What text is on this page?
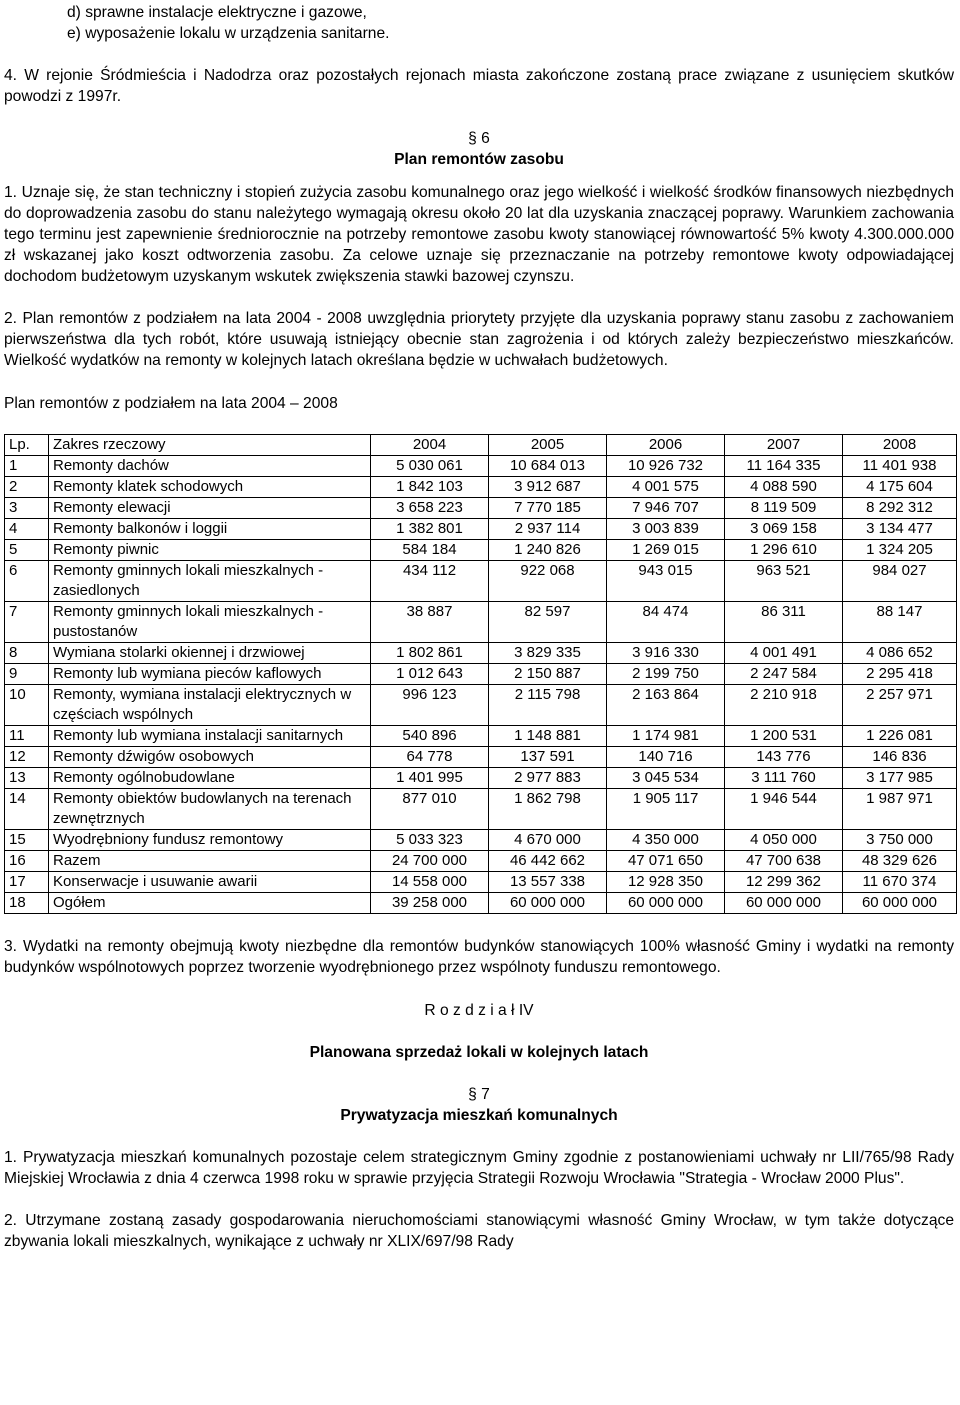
d) sprawne instalacje elektryczne i gazowe,

e) wyposażenie lokalu w urządzenia sanitarne.

4. W rejonie Śródmieścia i Nadodrza oraz pozostałych rejonach miasta zakończone zostaną prace związane z usunięciem skutków powodzi z 1997r.

§ 6

Plan remontów zasobu

1. Uznaje się, że stan techniczny i stopień zużycia zasobu komunalnego oraz jego wielkość i wielkość środków finansowych niezbędnych do doprowadzenia zasobu do stanu należytego wymagają okresu około 20 lat dla uzyskania znaczącej poprawy. Warunkiem zachowania tego terminu jest zapewnienie średniorocznie na potrzeby remontowe zasobu kwoty stanowiącej równowartość 5% kwoty 4.300.000.000 zł wskazanej jako koszt odtworzenia zasobu. Za celowe uznaje się przeznaczanie na potrzeby remontowe kwoty odpowiadającej dochodom budżetowym uzyskanym wskutek zwiększenia stawki bazowej czynszu.

2. Plan remontów z podziałem na lata 2004 - 2008 uwzględnia priorytety przyjęte dla uzyskania poprawy stanu zasobu z zachowaniem pierwszeństwa dla tych robót, które usuwają istniejący obecnie stan zagrożenia i od których zależy bezpieczeństwo mieszkańców. Wielkość wydatków na remonty w kolejnych latach określana będzie w uchwałach budżetowych.

Plan remontów z podziałem na lata 2004 – 2008

Lp.	Zakres rzeczowy	2004	2005	2006	2007	2008
1	Remonty dachów	5 030 061	10 684 013	10 926 732	11 164 335	11 401 938
2	Remonty klatek schodowych	1 842 103	3 912 687	4 001 575	4 088 590	4 175 604
3	Remonty elewacji	3 658 223	7 770 185	7 946 707	8 119 509	8 292 312
4	Remonty balkonów i loggii	1 382 801	2 937 114	3 003 839	3 069 158	3 134 477
5	Remonty piwnic	584 184	1 240 826	1 269 015	1 296 610	1 324 205
6	Remonty gminnych lokali mieszkalnych - zasiedlonych	434 112	922 068	943 015	963 521	984 027
7	Remonty gminnych lokali mieszkalnych - pustostanów	38 887	82 597	84 474	86 311	88 147
8	Wymiana stolarki okiennej i drzwiowej	1 802 861	3 829 335	3 916 330	4 001 491	4 086 652
9	Remonty lub wymiana pieców kaflowych	1 012 643	2 150 887	2 199 750	2 247 584	2 295 418
10	Remonty, wymiana instalacji elektrycznych w częściach wspólnych	996 123	2 115 798	2 163 864	2 210 918	2 257 971
11	Remonty lub wymiana instalacji sanitarnych	540 896	1 148 881	1 174 981	1 200 531	1 226 081
12	Remonty dźwigów osobowych	64 778	137 591	140 716	143 776	146 836
13	Remonty ogólnobudowlane	1 401 995	2 977 883	3 045 534	3 111 760	3 177 985
14	Remonty obiektów budowlanych na terenach zewnętrznych	877 010	1 862 798	1 905 117	1 946 544	1 987 971
15	Wyodrębniony fundusz remontowy	5 033 323	4 670 000	4 350 000	4 050 000	3 750 000
16	Razem	24 700 000	46 442 662	47 071 650	47 700 638	48 329 626
17	Konserwacje i usuwanie awarii	14 558 000	13 557 338	12 928 350	12 299 362	11 670 374
18	Ogółem	39 258 000	60 000 000	60 000 000	60 000 000	60 000 000

3. Wydatki na remonty obejmują kwoty niezbędne dla remontów budynków stanowiących 100% własność Gminy i wydatki na remonty budynków wspólnotowych poprzez tworzenie wyodrębnionego przez wspólnoty funduszu remontowego.

R o z d z i a ł IV

Planowana sprzedaż lokali w kolejnych latach

§ 7

Prywatyzacja mieszkań komunalnych

1. Prywatyzacja mieszkań komunalnych pozostaje celem strategicznym Gminy zgodnie z postanowieniami uchwały nr LII/765/98 Rady Miejskiej Wrocławia z dnia 4 czerwca 1998 roku w sprawie przyjęcia Strategii Rozwoju Wrocławia "Strategia - Wrocław 2000 Plus".

2. Utrzymane zostaną zasady gospodarowania nieruchomościami stanowiącymi własność Gminy Wrocław, w tym także dotyczące zbywania lokali mieszkalnych, wynikające z uchwały nr XLIX/697/98 Rady
